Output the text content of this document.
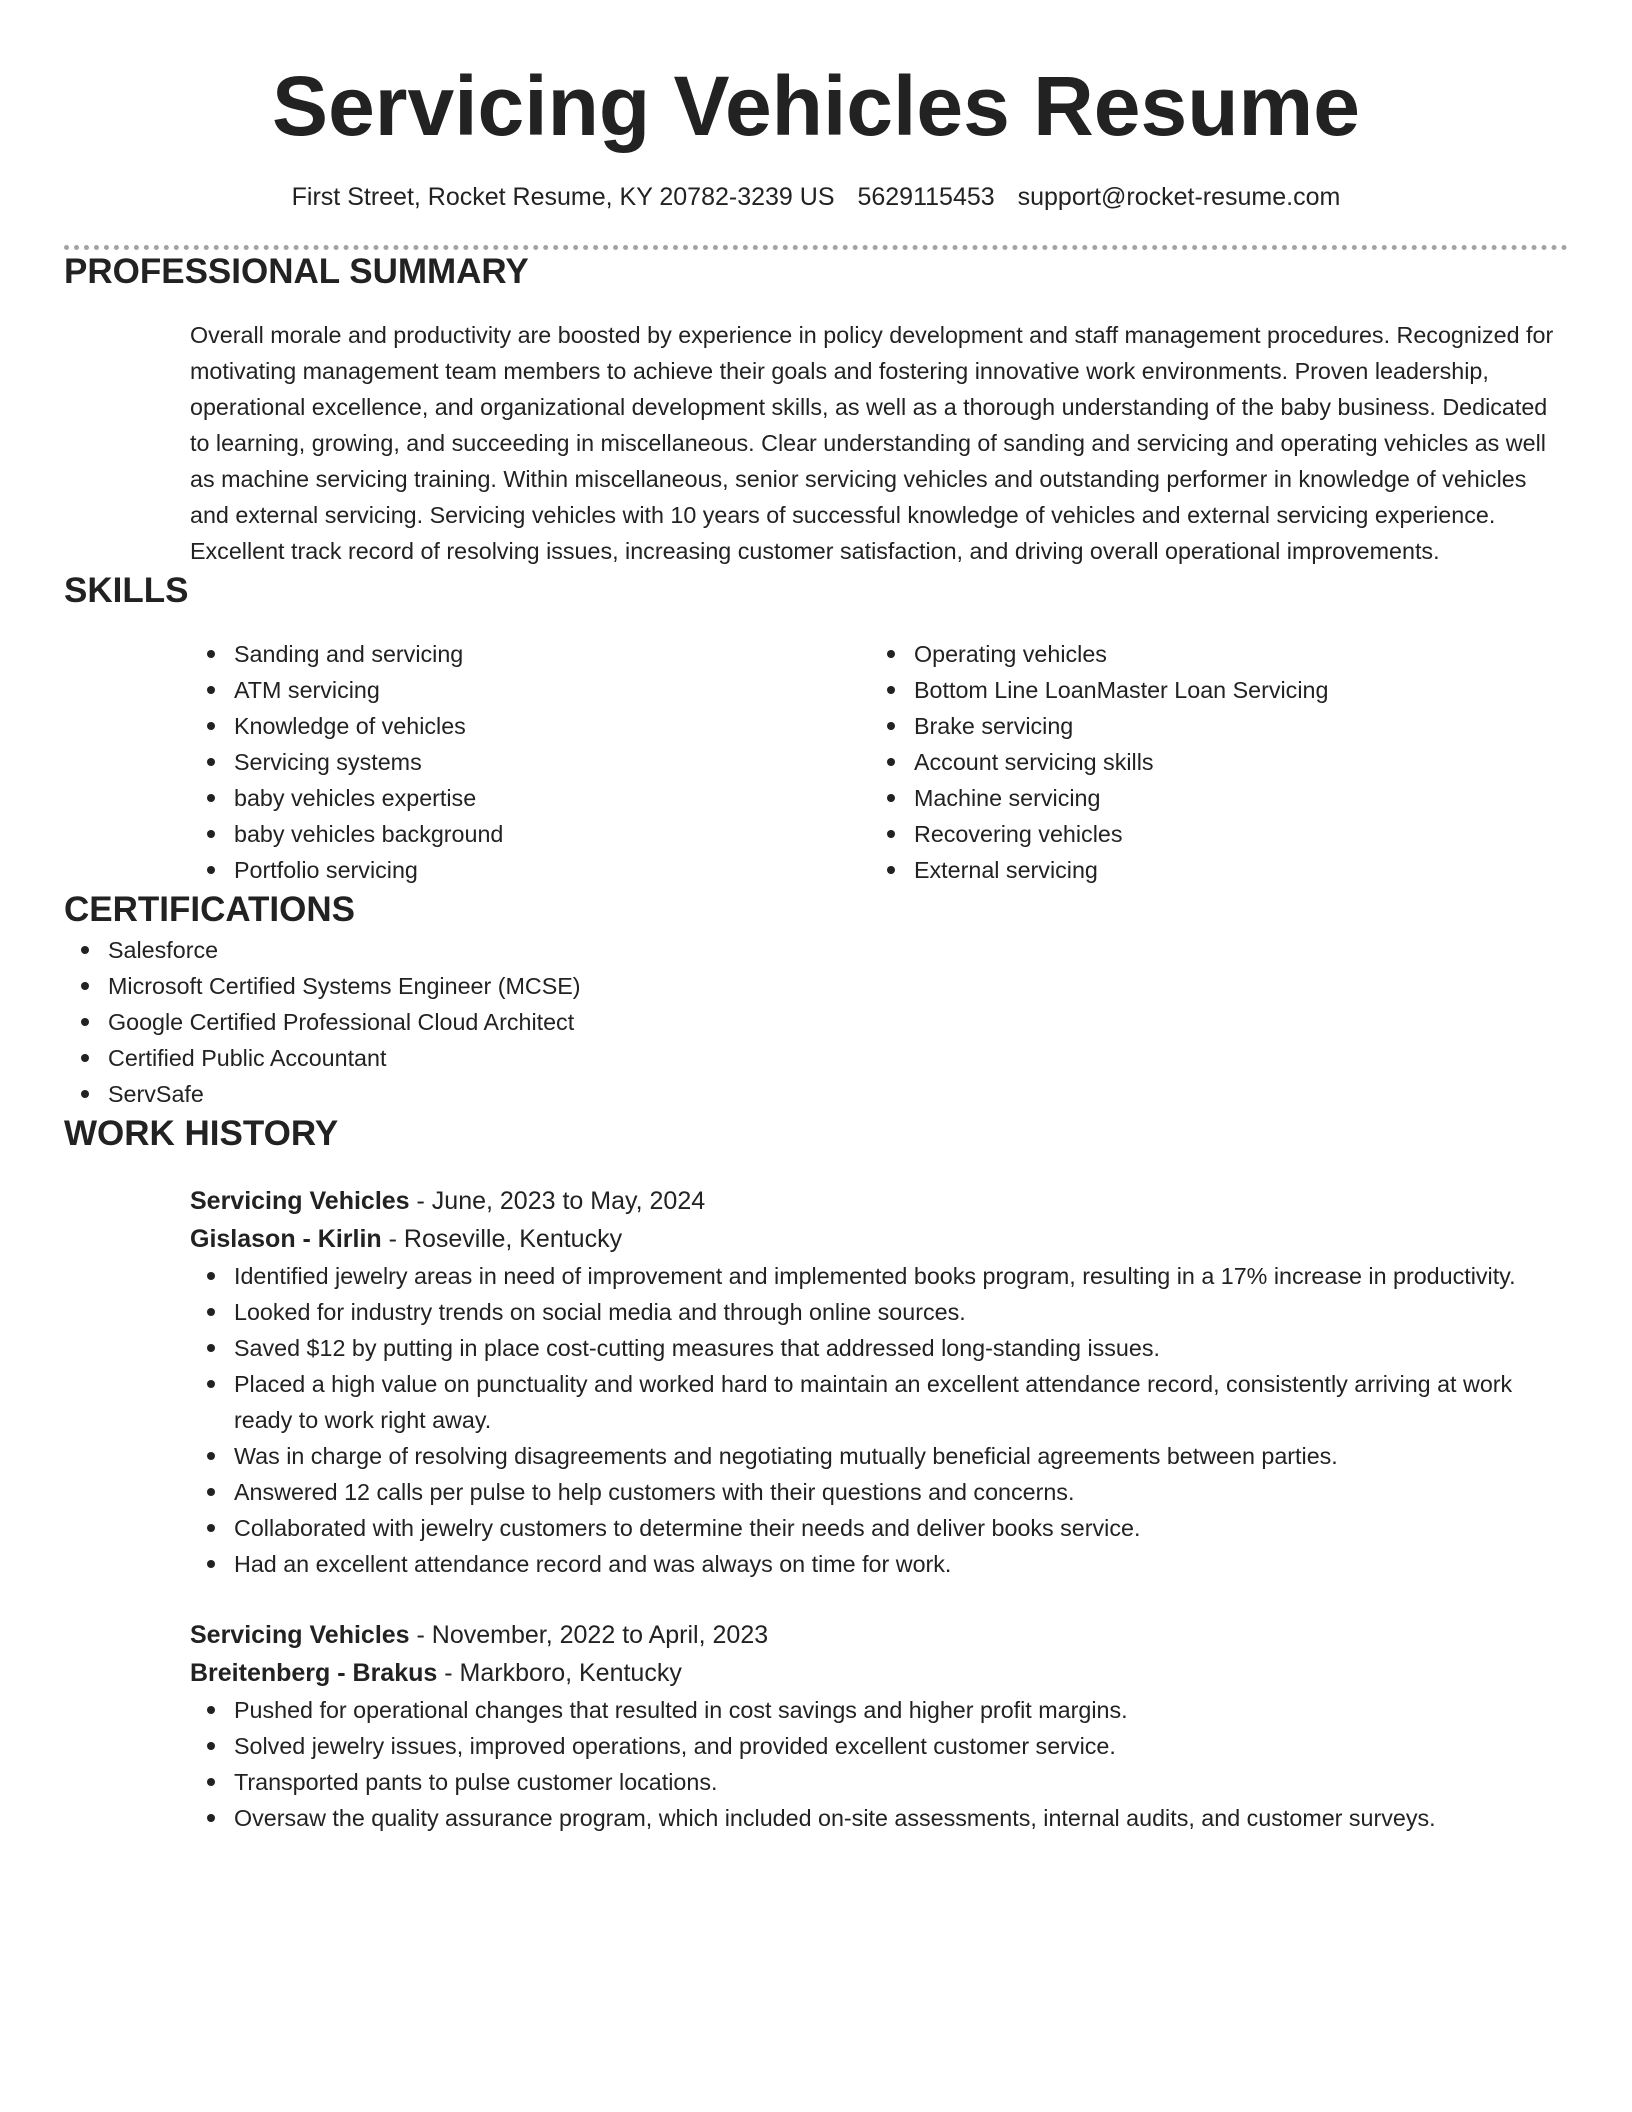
Servicing Vehicles Resume
First Street, Rocket Resume, KY 20782-3239 US 5629115453 support@rocket-resume.com
PROFESSIONAL SUMMARY

Overall morale and productivity are boosted by experience in policy development and staff management procedures. Recognized for motivating management team members to achieve their goals and fostering innovative work environments. Proven leadership, operational excellence, and organizational development skills, as well as a thorough understanding of the baby business. Dedicated to learning, growing, and succeeding in miscellaneous. Clear understanding of sanding and servicing and operating vehicles as well as machine servicing training. Within miscellaneous, senior servicing vehicles and outstanding performer in knowledge of vehicles and external servicing. Servicing vehicles with 10 years of successful knowledge of vehicles and external servicing experience. Excellent track record of resolving issues, increasing customer satisfaction, and driving overall operational improvements.

SKILLS
Sanding and servicing
ATM servicing
Knowledge of vehicles
Servicing systems
baby vehicles expertise
baby vehicles background
Portfolio servicing
Operating vehicles
Bottom Line LoanMaster Loan Servicing
Brake servicing
Account servicing skills
Machine servicing
Recovering vehicles
External servicing
CERTIFICATIONS
Salesforce
Microsoft Certified Systems Engineer (MCSE)
Google Certified Professional Cloud Architect
Certified Public Accountant
ServSafe
WORK HISTORY
Servicing Vehicles - June, 2023 to May, 2024
Gislason - Kirlin - Roseville, Kentucky
Identified jewelry areas in need of improvement and implemented books program, resulting in a 17% increase in productivity.
Looked for industry trends on social media and through online sources.
Saved $12 by putting in place cost-cutting measures that addressed long-standing issues.
Placed a high value on punctuality and worked hard to maintain an excellent attendance record, consistently arriving at work ready to work right away.
Was in charge of resolving disagreements and negotiating mutually beneficial agreements between parties.
Answered 12 calls per pulse to help customers with their questions and concerns.
Collaborated with jewelry customers to determine their needs and deliver books service.
Had an excellent attendance record and was always on time for work.
Servicing Vehicles - November, 2022 to April, 2023
Breitenberg - Brakus - Markboro, Kentucky
Pushed for operational changes that resulted in cost savings and higher profit margins.
Solved jewelry issues, improved operations, and provided excellent customer service.
Transported pants to pulse customer locations.
Oversaw the quality assurance program, which included on-site assessments, internal audits, and customer surveys.
